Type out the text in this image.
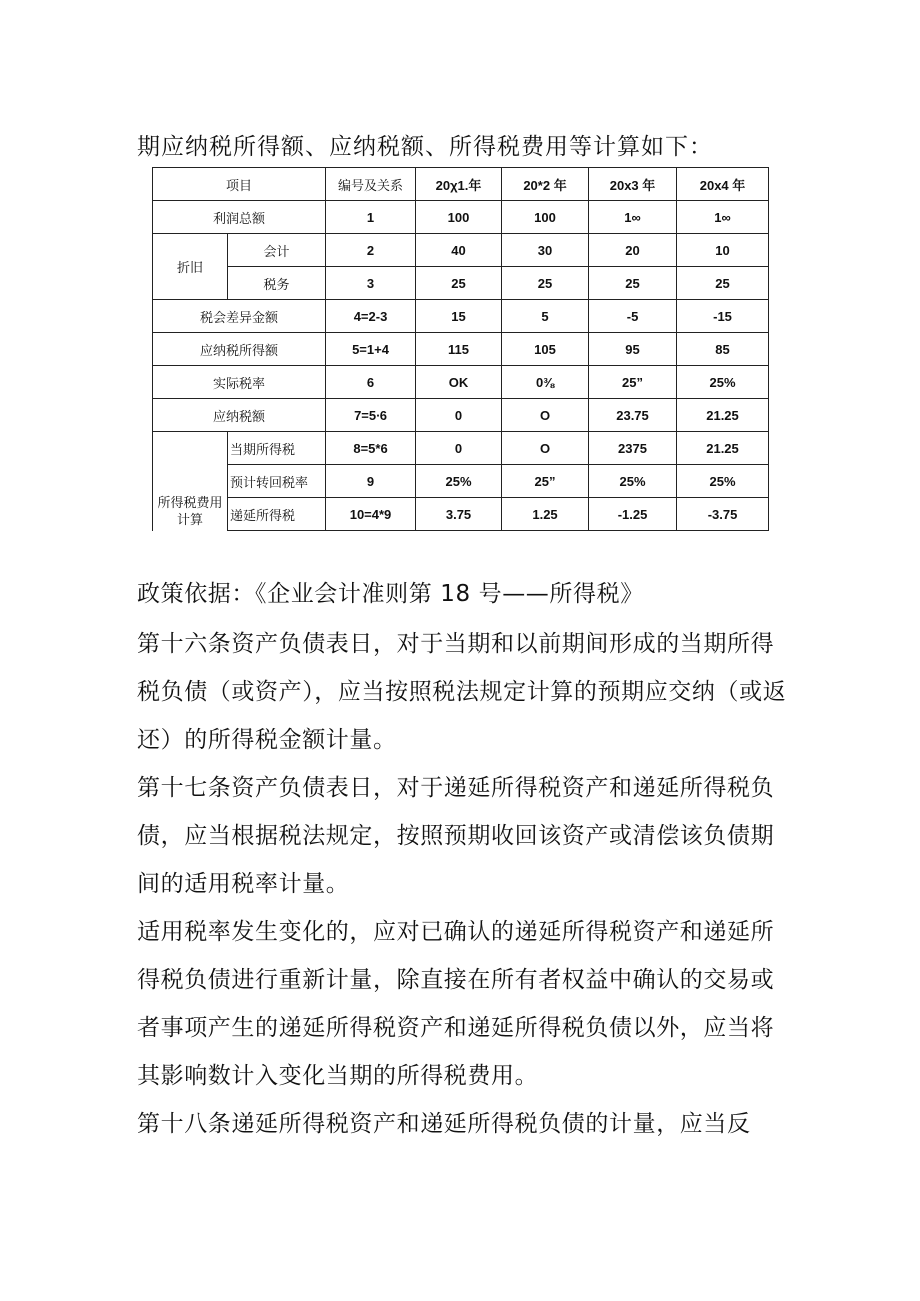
期应纳税所得额、应纳税额、所得税费用等计算如下：
项目		编号及关系	20χ1.年	20*2 年	20x3 年	20x4 年
利润总额		1	100	100	1∞	1∞
折旧	会计	2	40	30	20	10
	税务	3	25	25	25	25
税会差异金额		4=2-3	15	5	-5	-15
应纳税所得额		5=1+4	115	105	95	85
实际税率		6	OK	0⅜	25”	25%
应纳税额		7=5∙6	0	O	23.75	21.25
所得税费用计算	当期所得税	8=5*6	0	O	2375	21.25
	预计转回税率	9	25%	25”	25%	25%
	递延所得税	10=4*9	3.75	1.25	-1.25	-3.75

政策依据：《企业会计准则第 18 号——所得税》

第十六条资产负债表日，对于当期和以前期间形成的当期所得税负债（或资产），应当按照税法规定计算的预期应交纳（或返还）的所得税金额计量。

第十七条资产负债表日，对于递延所得税资产和递延所得税负债，应当根据税法规定，按照预期收回该资产或清偿该负债期间的适用税率计量。

适用税率发生变化的，应对已确认的递延所得税资产和递延所得税负债进行重新计量，除直接在所有者权益中确认的交易或者事项产生的递延所得税资产和递延所得税负债以外，应当将其影响数计入变化当期的所得税费用。

第十八条递延所得税资产和递延所得税负债的计量，应当反
